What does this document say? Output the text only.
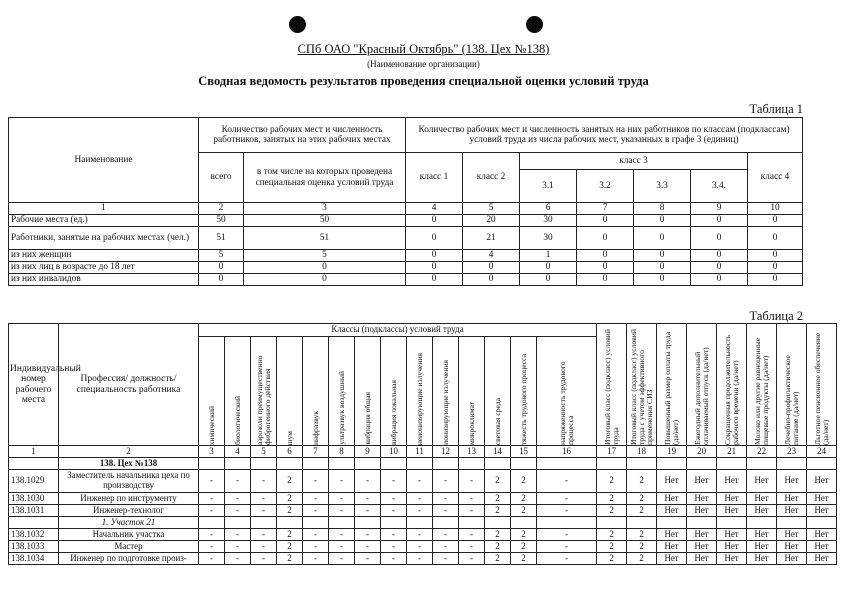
СПб ОАО "Красный Октябрь" (138. Цех №138)
(Наименование организации)
Сводная ведомость результатов проведения специальной оценки условий труда
Таблица 1
Наименование	Количество рабочих мест и численность работников, занятых на этих рабочих местах		Количество рабочих мест и численность занятых на них работников по классам (подклассам) условий труда из числа рабочих мест, указанных в графе 3 (единиц)						
	всего	в том числе на которых проведена специальная оценка условий труда	класс 1	класс 2	класс 3				класс 4
					3.1	3.2	3.3	3.4.	
1	2	3	4	5	6	7	8	9	10
Рабочие места (ед.)	50	50	0	20	30	0	0	0	0
Работники, занятые на рабочих местах (чел.)	51	51	0	21	30	0	0	0	0
из них женщин	5	5	0	4	1	0	0	0	0
из них лиц в возрасте до 18 лет	0	0	0	0	0	0	0	0	0
из них инвалидов	0	0	0	0	0	0	0	0	0
Таблица 2
Индивидуальный номер рабочего места	Профессия/ должность/ специальность работника	Классы (подклассы) условий труда														Итоговый класс (подкласс) условий труда	Итоговый класс (подкласс) условий труда с учетом эффективного применения СИЗ	Повышенный размер оплаты труда (да/нет)	Ежегодный дополнительный оплачиваемый отпуск (да/нет)	Сокращенная продолжительность рабочего времени (да/нет)	Молоко или другие равноценные пищевые продукты (да/нет)	Лечебно-профилактическое питание (да/нет)	Льготное пенсионное обеспечение (да/нет)

		химический	биологический	аэрозоли преимущественно фиброгенного действия	шум	инфразвук	ультразвук воздушный	вибрация общая	вибрация локальная	неионизирующие излучения	ионизирующие излучения	микроклимат	световая среда	тяжесть трудового процесса	напряженность трудового процесса								

1	2	3	4	5	6	7	8	9	10	11	12	13	14	15	16	17	18	19	20	21	22	23	24
	138. Цех №138																						
138.1029	Заместитель начальника цеха по производству	-	-	-	2	-	-	-	-	-	-	-	2	2	-	2	2	Нет	Нет	Нет	Нет	Нет	Нет
138.1030	Инженер по инструменту	-	-	-	2	-	-	-	-	-	-	-	2	2	-	2	2	Нет	Нет	Нет	Нет	Нет	Нет
138.1031	Инженер-технолог	-	-	-	2	-	-	-	-	-	-	-	2	2	-	2	2	Нет	Нет	Нет	Нет	Нет	Нет
	1. Участок 21																						
138.1032	Начальник участка	-	-	-	2	-	-	-	-	-	-	-	2	2	-	2	2	Нет	Нет	Нет	Нет	Нет	Нет
138.1033	Мастер	-	-	-	2	-	-	-	-	-	-	-	2	2	-	2	2	Нет	Нет	Нет	Нет	Нет	Нет
138.1034	Инженер по подготовке произ-	-	-	-	2	-	-	-	-	-	-	-	2	2	-	2	2	Нет	Нет	Нет	Нет	Нет	Нет
